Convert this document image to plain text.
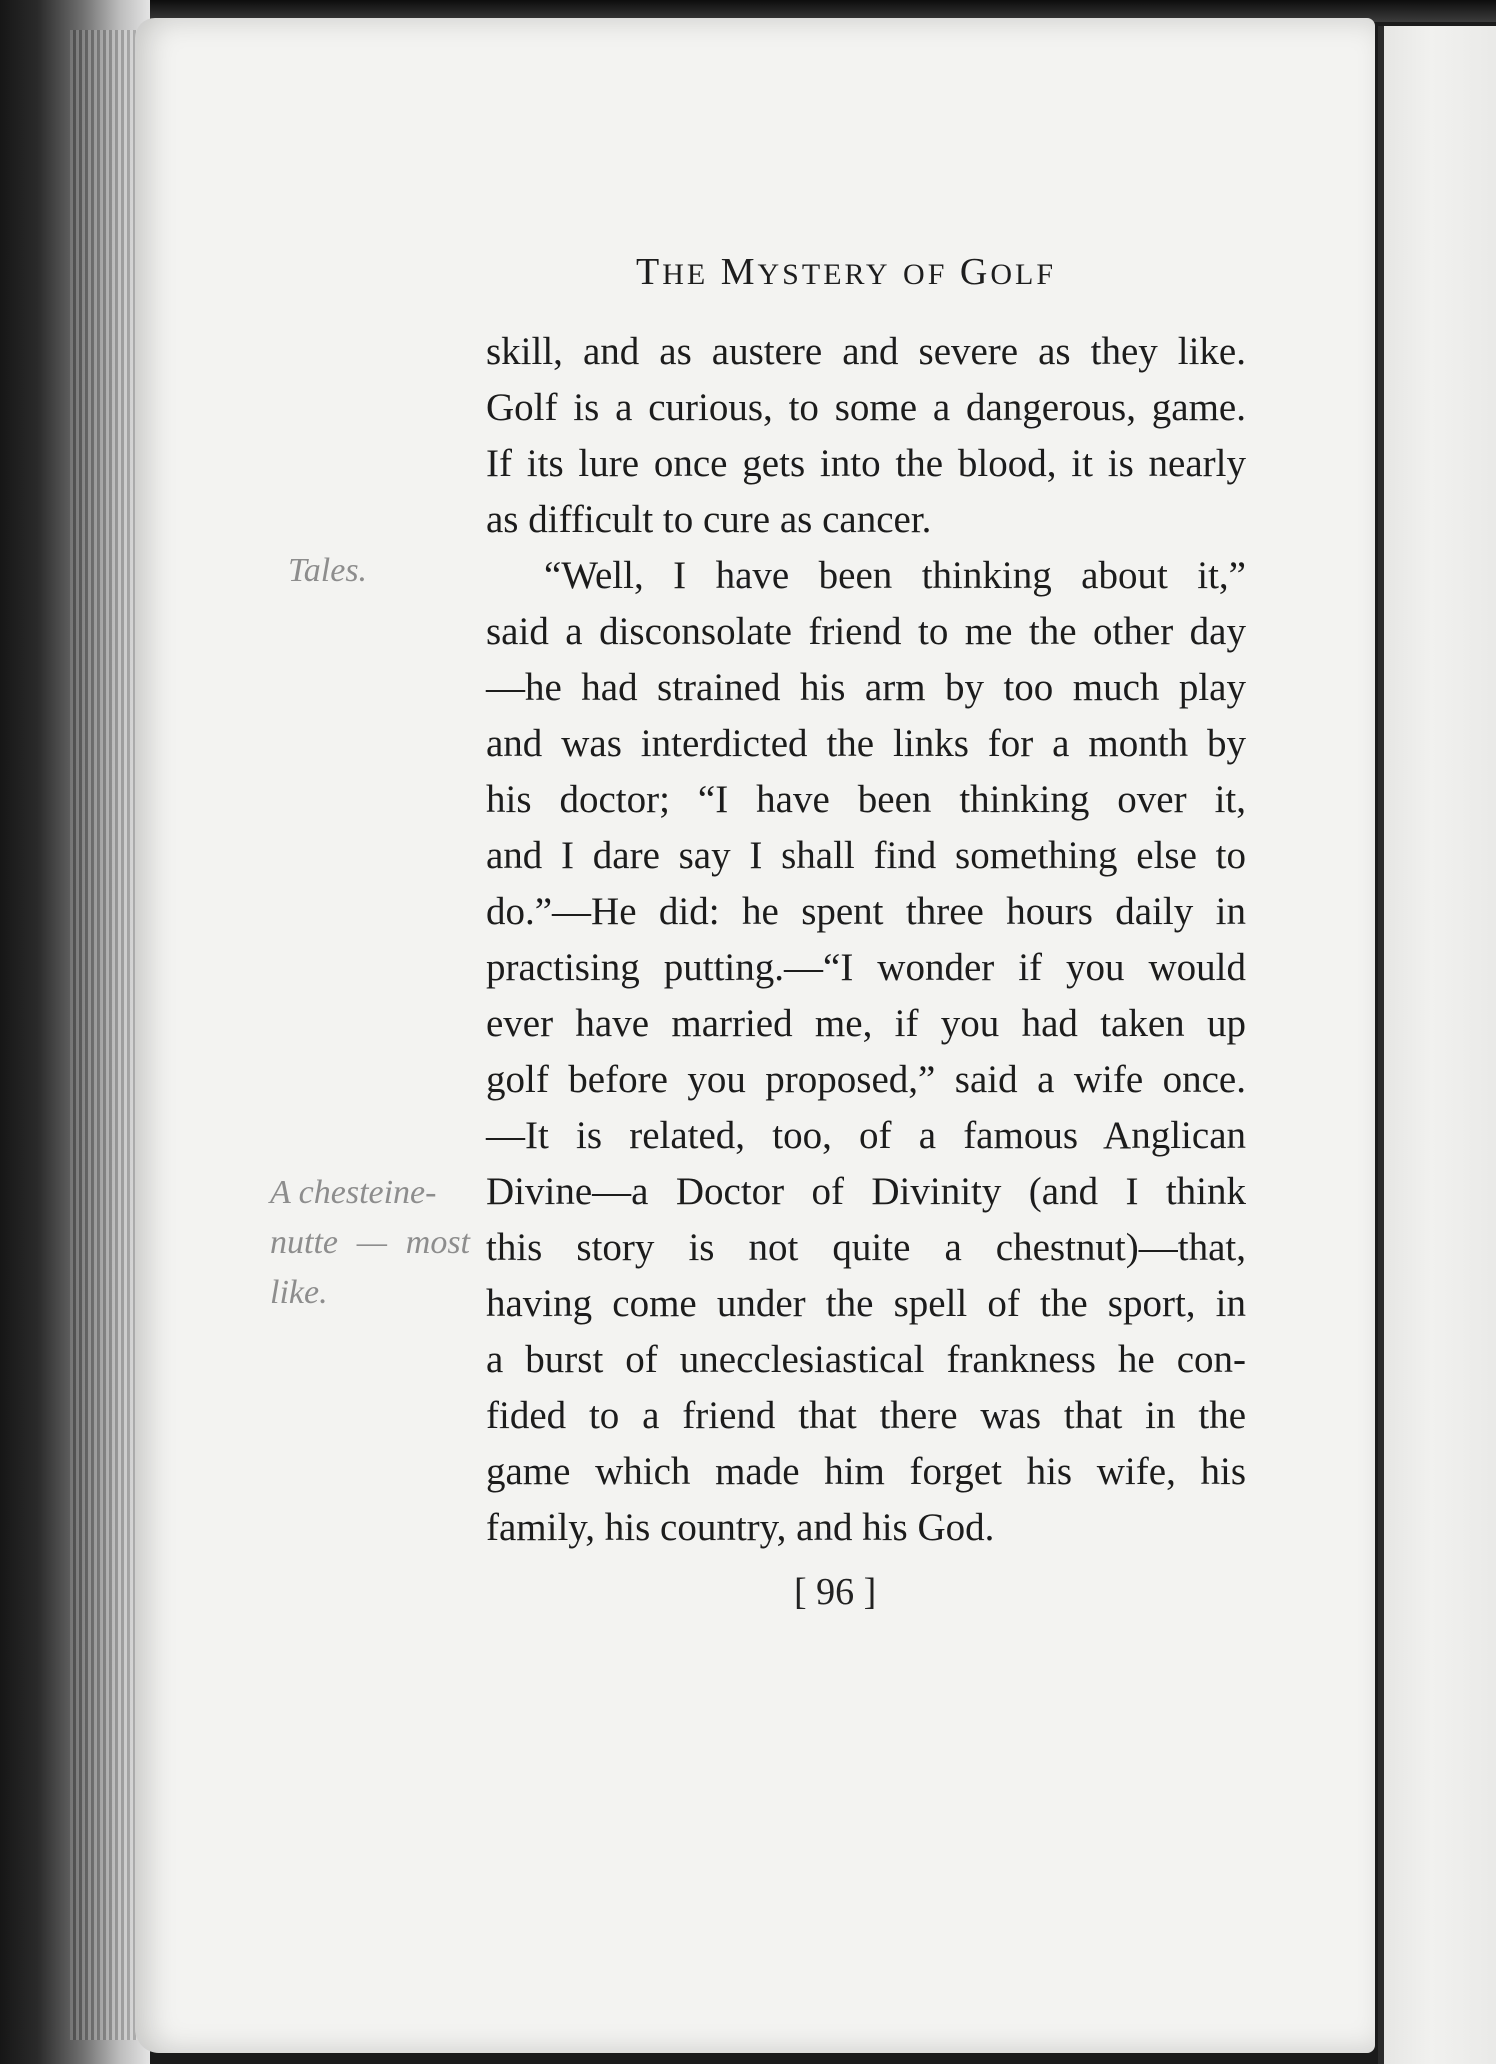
THE MYSTERY OF GOLF
skill, and as austere and severe as they like.
Golf is a curious, to some a dangerous, game.
If its lure once gets into the blood, it is nearly
as difficult to cure as cancer.
“Well, I have been thinking about it,”
said a disconsolate friend to me the other day
—he had strained his arm by too much play
and was interdicted the links for a month by
his doctor; “I have been thinking over it,
and I dare say I shall find something else to
do.”—He did: he spent three hours daily in
practising putting.—“I wonder if you would
ever have married me, if you had taken up
golf before you proposed,” said a wife once.
—It is related, too, of a famous Anglican
Divine—a Doctor of Divinity (and I think
this story is not quite a chestnut)—that,
having come under the spell of the sport, in
a burst of unecclesiastical frankness he con-
fided to a friend that there was that in the
game which made him forget his wife, his
family, his country, and his God.
Tales.
A chesteine-
nutte — most
like.
[ 96 ]
